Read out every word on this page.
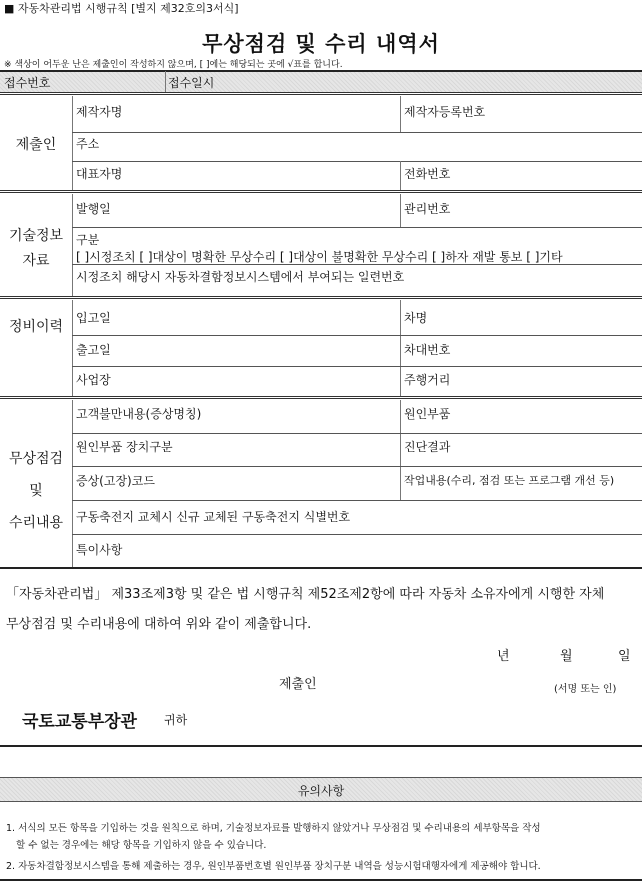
■ 자동차관리법 시행규칙 [별지 제32호의3서식]
무상점검 및 수리 내역서
※ 색상이 어두운 난은 제출인이 작성하지 않으며, [ ]에는 해당되는 곳에 √표를 합니다.
접수번호	접수일시
제출인
제작자명	제작자등록번호
주소
대표자명	전화번호
기술정보
자료
발행일	관리번호
구분
[ ]시정조치 [ ]대상이 명확한 무상수리 [ ]대상이 불명확한 무상수리 [ ]하자 재발 통보 [ ]기타
시정조치 해당시 자동차결함정보시스템에서 부여되는 일련번호
정비이력
입고일	차명
출고일	차대번호
사업장	주행거리
무상점검
및
수리내용
고객불만내용(증상명칭)	원인부품
원인부품 장치구분	진단결과
증상(고장)코드	작업내용(수리, 점검 또는 프로그램 개선 등)
구동축전지 교체시 신규 교체된 구동축전지 식별번호
특이사항
「자동차관리법」 제33조제3항 및 같은 법 시행규칙 제52조제2항에 따라 자동차 소유자에게 시행한 자체
무상점검 및 수리내용에 대하여 위와 같이 제출합니다.
년	월	일
제출인	(서명 또는 인)
국토교통부장관 귀하
유의사항
1. 서식의 모든 항목을 기입하는 것을 원칙으로 하며, 기술정보자료를 발행하지 않았거나 무상점검 및 수리내용의 세부항목을 작성
할 수 없는 경우에는 해당 항목을 기입하지 않을 수 있습니다.
2. 자동차결함정보시스템을 통해 제출하는 경우, 원인부품번호별 원인부품 장치구분 내역을 성능시험대행자에게 제공해야 합니다.
